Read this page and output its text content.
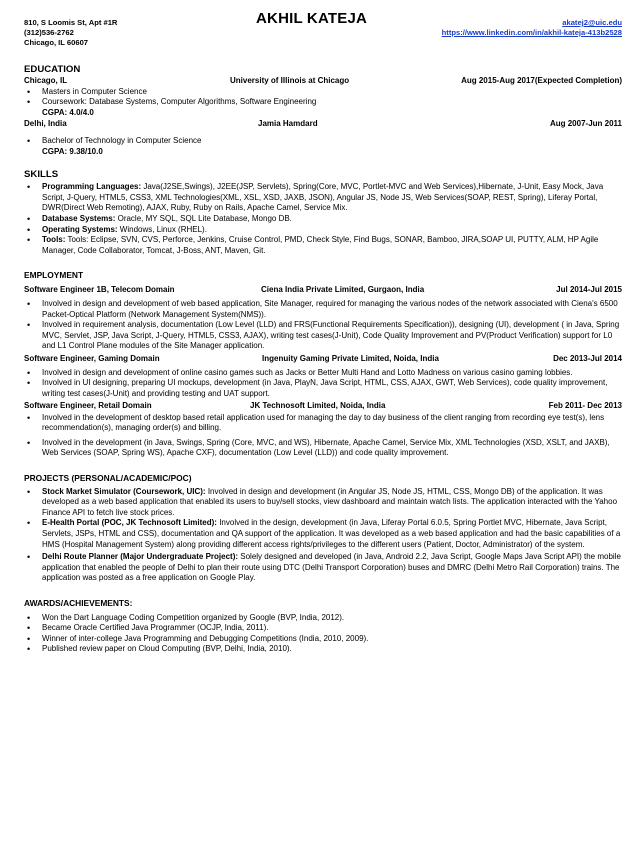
810, S Loomis St, Apt #1R
(312)536-2762
Chicago, IL 60607
AKHIL KATEJA	akatej2@uic.edu
https://www.linkedin.com/in/akhil-kateja-413b2528
EDUCATION
Chicago, IL	University of Illinois at Chicago	Aug 2015-Aug 2017(Expected Completion)
• Masters in Computer Science
• Coursework: Database Systems, Computer Algorithms, Software Engineering
CGPA: 4.0/4.0
Delhi, India	Jamia Hamdard	Aug 2007-Jun 2011
• Bachelor of Technology in Computer Science
CGPA: 9.38/10.0
SKILLS
• Programming Languages: Java(J2SE,Swings), J2EE(JSP, Servlets), Spring(Core, MVC, Portlet-MVC and Web Services),Hibernate, J-Unit, Easy Mock, Java Script, J-Query, HTML5, CSS3, XML Technologies(XML, XSL, XSD, JAXB, JSON), Angular JS, Node JS, Web Services(SOAP, REST, Spring), Liferay Portal, DWR(Direct Web Remoting), AJAX, Ruby, Ruby on Rails, Apache Camel, Service Mix.
• Database Systems: Oracle, MY SQL, SQL Lite Database, Mongo DB.
• Operating Systems: Windows, Linux (RHEL).
• Tools: Tools: Eclipse, SVN, CVS, Perforce, Jenkins, Cruise Control, PMD, Check Style, Find Bugs, SONAR, Bamboo, JIRA,SOAP UI, PUTTY, ALM, HP Agile Manager, Code Collaborator, Tomcat, J-Boss, ANT, Maven, Git.
EMPLOYMENT
Software Engineer 1B, Telecom Domain	Ciena India Private Limited, Gurgaon, India	Jul 2014-Jul 2015
• Involved in design and development of web based application, Site Manager, required for managing the various nodes of the network associated with Ciena's 6500 Packet-Optical Platform (Network Management System(NMS)).
• Involved in requirement analysis, documentation (Low Level (LLD) and FRS(Functional Requirements Specification)), designing (UI), development ( in Java, Spring MVC, Servlet, JSP, Java Script, J-Query, HTML5, CSS3, AJAX), writing test cases(J-Unit), Code Quality Improvement and PV(Product Verification) support for L0 and L1 Control Plane modules of the Site Manager application.
Software Engineer, Gaming Domain	Ingenuity Gaming Private Limited, Noida, India	Dec 2013-Jul 2014
• Involved in design and development of online casino games such as Jacks or Better Multi Hand and Lotto Madness on various casino gaming lobbies.
• Involved in UI designing, preparing UI mockups, development (in Java, PlayN, Java Script, HTML, CSS, AJAX, GWT, Web Services), code quality improvement, writing test cases(J-Unit) and providing testing and UAT support.
Software Engineer, Retail Domain	JK Technosoft Limited, Noida, India	Feb 2011- Dec 2013
• Involved in the development of desktop based retail application used for managing the day to day business of the client ranging from recording eye test(s), lens recommendation(s), managing order(s) and billing.
• Involved in the development (in Java, Swings, Spring (Core, MVC, and WS), Hibernate, Apache Camel, Service Mix, XML Technologies (XSD, XSLT, and JAXB), Web Services (SOAP, Spring WS), Apache CXF), documentation (Low Level (LLD)) and code quality improvement.
PROJECTS (PERSONAL/ACADEMIC/POC)
• Stock Market Simulator (Coursework, UIC): Involved in design and development (in Angular JS, Node JS, HTML, CSS, Mongo DB) of the application. It was developed as a web based application that enabled its users to buy/sell stocks, view dashboard and maintain watch lists. The application interacted with the Yahoo Finance API to fetch live stock prices.
• E-Health Portal (POC, JK Technosoft Limited): Involved in the design, development (in Java, Liferay Portal 6.0.5, Spring Portlet MVC, Hibernate, Java Script, Servlets, JSPs, HTML and CSS), documentation and QA support of the application. It was developed as a web based application and had the basic capabilities of a HMS (Hospital Management System) along providing different access rights/privileges to the different users (Patient, Doctor, Administrator) of the system.
• Delhi Route Planner (Major Undergraduate Project): Solely designed and developed (in Java, Android 2.2, Java Script, Google Maps Java Script API) the mobile application that enabled the people of Delhi to plan their route using DTC (Delhi Transport Corporation) buses and DMRC (Delhi Metro Rail Corporation) trains. The application was posted as a free application on Google Play.
AWARDS/ACHIEVEMENTS:
• Won the Dart Language Coding Competition organized by Google (BVP, India, 2012).
• Became Oracle Certified Java Programmer (OCJP, India, 2011).
• Winner of inter-college Java Programming and Debugging Competitions (India, 2010, 2009).
• Published review paper on Cloud Computing (BVP, Delhi, India, 2010).
